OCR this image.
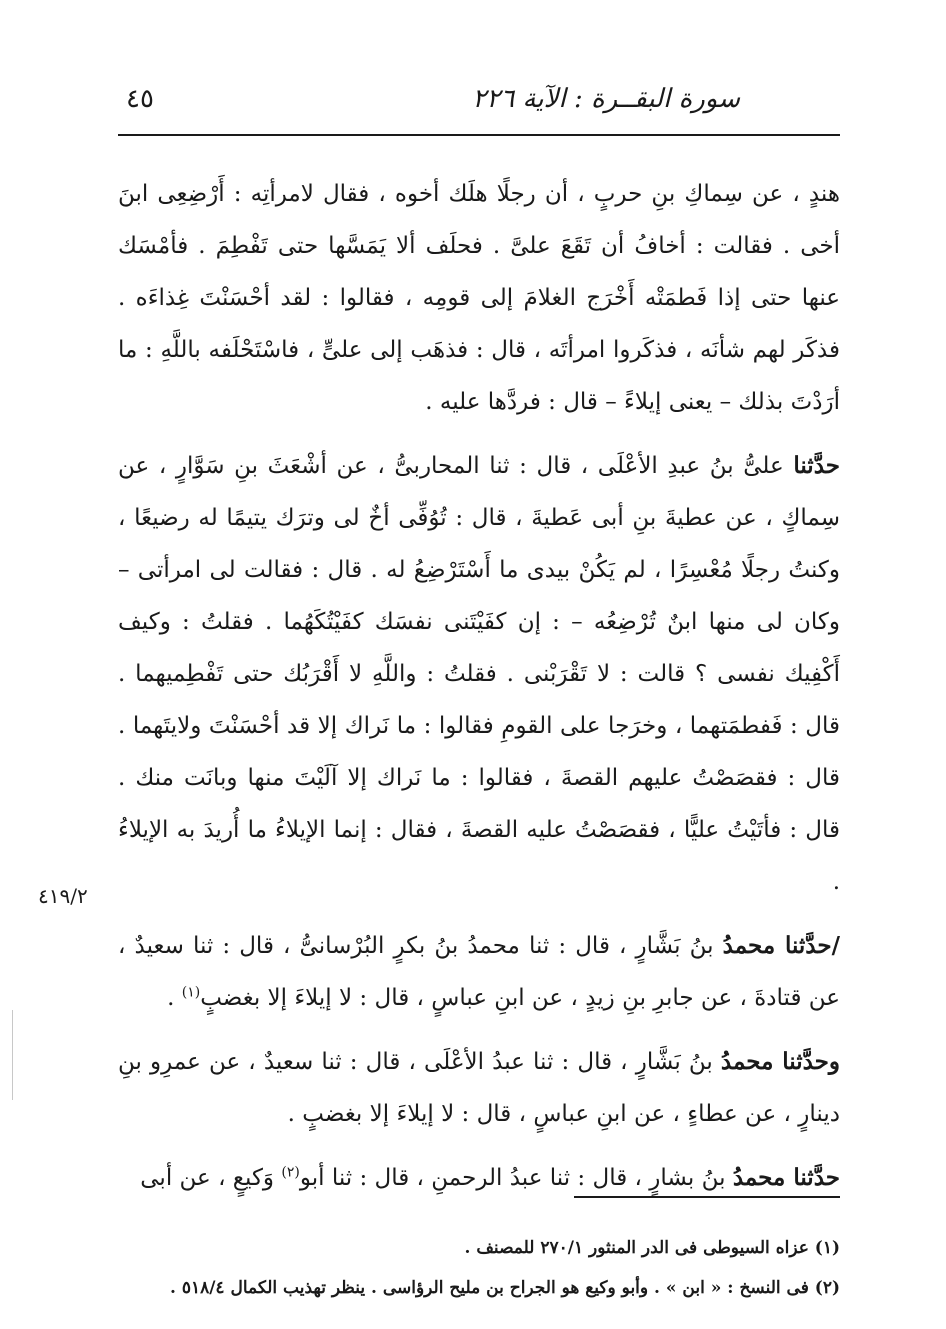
سورة البقــرة : الآية ٢٢٦
٤٥

هندٍ ، عن سِماكِ بنِ حربٍ ، أن رجلًا هلَك أخوه ، فقال لامرأتِه : أَرْضِعِى ابنَ أخى . فقالت : أخافُ أن تَقَعَ علىَّ . فحلَف ألا يَمَسَّها حتى تَفْطِمَ . فأمْسَك عنها حتى إذا فَطمَتْه أَخْرَج الغلامَ إلى قومِه ، فقالوا : لقد أحْسَنْتَ غِذاءَه . فذكَر لهم شأنَه ، فذكَروا امرأتَه ، قال : فذهَب إلى علىٍّ ، فاسْتَحْلَفه باللَّهِ : ما أرَدْتَ بذلك – يعنى إيلاءً – قال : فردَّها عليه .

حدَّثنا علىُّ بنُ عبدِ الأعْلَى ، قال : ثنا المحاربىُّ ، عن أشْعَثَ بنِ سَوَّارٍ ، عن سِماكٍ ، عن عطيةَ بنِ أبى عَطيةَ ، قال : تُوُفِّى أخٌ لى وترَك يتيمًا له رضيعًا ، وكنتُ رجلًا مُعْسِرًا ، لم يَكُنْ بيدى ما أَسْتَرْضِعُ له . قال : فقالت لى امرأتى – وكان لى منها ابنٌ تُرْضِعُه – : إن كفَيْتَنى نفسَك كفَيْتُكَهُما . فقلتُ : وكيف أَكْفِيك نفسى ؟ قالت : لا تَقْرَبْنى . فقلتُ : واللَّهِ لا أَقْرَبُك حتى تَفْطِميهما . قال : فَفطمَتهما ، وخرَجا على القومِ فقالوا : ما نَراك إلا قد أحْسَنْتَ ولايتَهما . قال : فقصَصْتُ عليهم القصةَ ، فقالوا : ما نَراك إلا آلَيْتَ منها وبانَت منك . قال : فأتَيْتُ عليًّا ، فقصَصْتُ عليه القصةَ ، فقال : إنما الإيلاءُ ما أُريدَ به الإيلاءُ .

/حدَّثنا محمدُ بنُ بَشَّارٍ ، قال : ثنا محمدُ بنُ بكرٍ البُرْسانىُّ ، قال : ثنا سعيدٌ ، عن قتادةَ ، عن جابرِ بنِ زيدٍ ، عن ابنِ عباسٍ ، قال : لا إيلاءَ إلا بغضبٍ$^{(١)}$ .

وحدَّثنا محمدُ بنُ بَشَّارٍ ، قال : ثنا عبدُ الأعْلَى ، قال : ثنا سعيدٌ ، عن عمرِو بنِ دينارٍ ، عن عطاءٍ ، عن ابنِ عباسٍ ، قال : لا إيلاءَ إلا بغضبٍ .

حدَّثنا محمدُ بنُ بشارٍ ، قال : ثنا عبدُ الرحمنِ ، قال : ثنا أبو$^{(٢)}$ وَكيعٍ ، عن أبى

٤١٩/٢

(١) عزاه السيوطى فى الدر المنثور ٢٧٠/١ للمصنف .

(٢) فى النسخ : « ابن » . وأبو وكيع هو الجراح بن مليح الرؤاسى . ينظر تهذيب الكمال ٥١٨/٤ .
